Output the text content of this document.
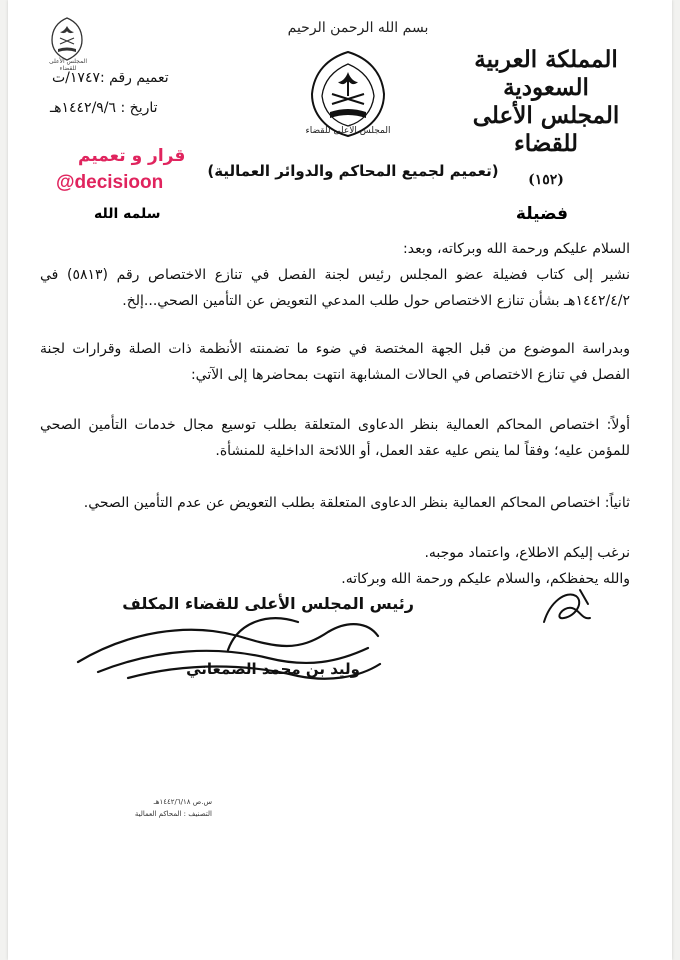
بسم الله الرحمن الرحيم
المملكة العربية السعودية
المجلس الأعلى للقضاء
(١٥٢)
المجلس الأعلى للقضاء
المجلس الأعلى للقضاء
تعميم رقم :١٧٤٧/ت
تاريخ : ١٤٤٢/٩/٦هـ
قرار و تعميم
@decisioon
(تعميم لجميع المحاكم والدوائر العمالية)
فضيلة
سلمه الله
السلام عليكم ورحمة الله وبركاته، وبعد:
نشير إلى كتاب فضيلة عضو المجلس رئيس لجنة الفصل في تنازع الاختصاص رقم (٥٨١٣) في ١٤٤٢/٤/٢هـ بشأن تنازع الاختصاص حول طلب المدعي التعويض عن التأمين الصحي...إلخ.
وبدراسة الموضوع من قبل الجهة المختصة في ضوء ما تضمنته الأنظمة ذات الصلة وقرارات لجنة الفصل في تنازع الاختصاص في الحالات المشابهة انتهت بمحاضرها إلى الآتي:
أولاً: اختصاص المحاكم العمالية بنظر الدعاوى المتعلقة بطلب توسيع مجال خدمات التأمين الصحي للمؤمن عليه؛ وفقاً لما ينص عليه عقد العمل، أو اللائحة الداخلية للمنشأة.
ثانياً: اختصاص المحاكم العمالية بنظر الدعاوى المتعلقة بطلب التعويض عن عدم التأمين الصحي.
نرغب إليكم الاطلاع، واعتماد موجبه.
والله يحفظكم، والسلام عليكم ورحمة الله وبركاته.
رئيس المجلس الأعلى للقضاء المكلف
وليد بن محمد الصمعاني
س.ص ١٤٤٢/٦/١٨هـ
التصنيف : المحاكم العمالية
